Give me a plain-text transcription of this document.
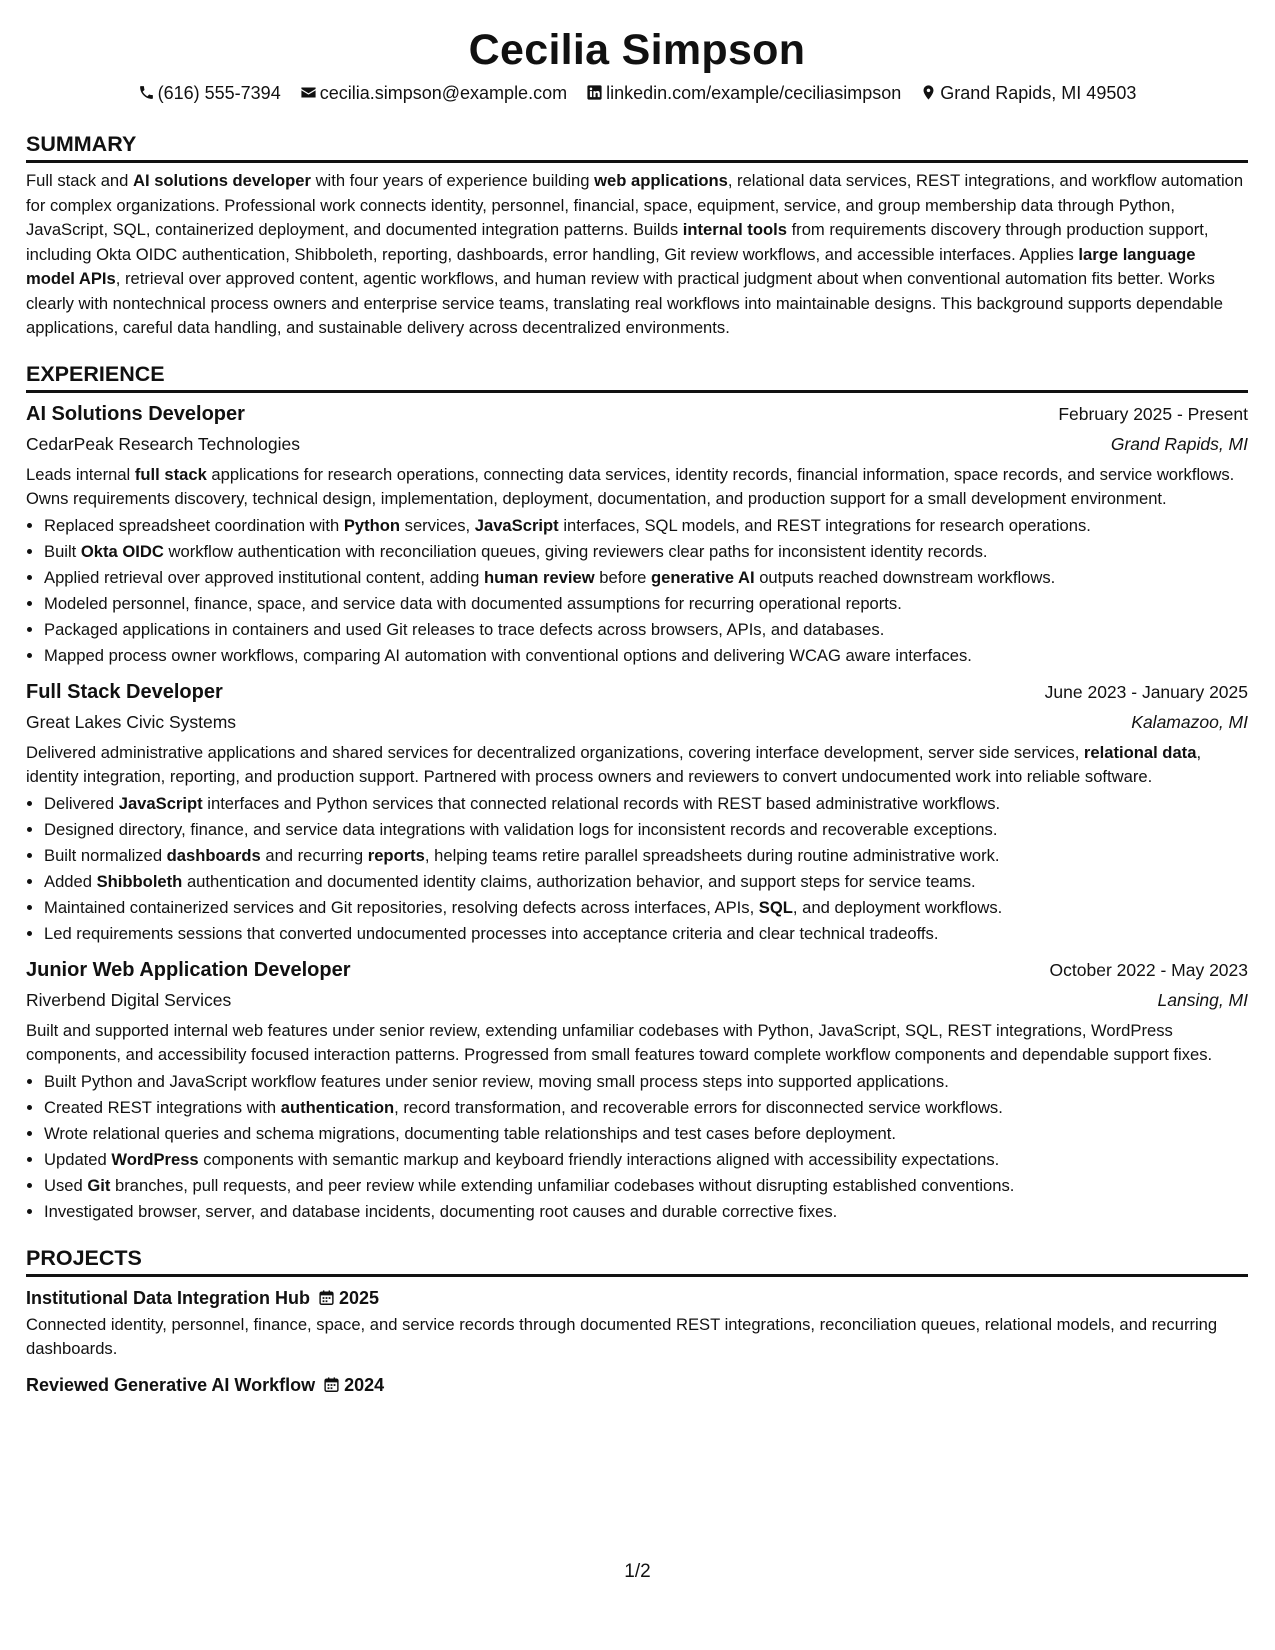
Cecilia Simpson
(616) 555-7394 cecilia.simpson@example.com linkedin.com/example/ceciliasimpson Grand Rapids, MI 49503
SUMMARY
Full stack and AI solutions developer with four years of experience building web applications, relational data services, REST integrations, and workflow automation for complex organizations. Professional work connects identity, personnel, financial, space, equipment, service, and group membership data through Python, JavaScript, SQL, containerized deployment, and documented integration patterns. Builds internal tools from requirements discovery through production support, including Okta OIDC authentication, Shibboleth, reporting, dashboards, error handling, Git review workflows, and accessible interfaces. Applies large language model APIs, retrieval over approved content, agentic workflows, and human review with practical judgment about when conventional automation fits better. Works clearly with nontechnical process owners and enterprise service teams, translating real workflows into maintainable designs. This background supports dependable applications, careful data handling, and sustainable delivery across decentralized environments.
EXPERIENCE
AI Solutions Developer	February 2025 - Present
CedarPeak Research Technologies	Grand Rapids, MI
Leads internal full stack applications for research operations, connecting data services, identity records, financial information, space records, and service workflows. Owns requirements discovery, technical design, implementation, deployment, documentation, and production support for a small development environment.
• Replaced spreadsheet coordination with Python services, JavaScript interfaces, SQL models, and REST integrations for research operations.
• Built Okta OIDC workflow authentication with reconciliation queues, giving reviewers clear paths for inconsistent identity records.
• Applied retrieval over approved institutional content, adding human review before generative AI outputs reached downstream workflows.
• Modeled personnel, finance, space, and service data with documented assumptions for recurring operational reports.
• Packaged applications in containers and used Git releases to trace defects across browsers, APIs, and databases.
• Mapped process owner workflows, comparing AI automation with conventional options and delivering WCAG aware interfaces.
Full Stack Developer	June 2023 - January 2025
Great Lakes Civic Systems	Kalamazoo, MI
Delivered administrative applications and shared services for decentralized organizations, covering interface development, server side services, relational data, identity integration, reporting, and production support. Partnered with process owners and reviewers to convert undocumented work into reliable software.
• Delivered JavaScript interfaces and Python services that connected relational records with REST based administrative workflows.
• Designed directory, finance, and service data integrations with validation logs for inconsistent records and recoverable exceptions.
• Built normalized dashboards and recurring reports, helping teams retire parallel spreadsheets during routine administrative work.
• Added Shibboleth authentication and documented identity claims, authorization behavior, and support steps for service teams.
• Maintained containerized services and Git repositories, resolving defects across interfaces, APIs, SQL, and deployment workflows.
• Led requirements sessions that converted undocumented processes into acceptance criteria and clear technical tradeoffs.
Junior Web Application Developer	October 2022 - May 2023
Riverbend Digital Services	Lansing, MI
Built and supported internal web features under senior review, extending unfamiliar codebases with Python, JavaScript, SQL, REST integrations, WordPress components, and accessibility focused interaction patterns. Progressed from small features toward complete workflow components and dependable support fixes.
• Built Python and JavaScript workflow features under senior review, moving small process steps into supported applications.
• Created REST integrations with authentication, record transformation, and recoverable errors for disconnected service workflows.
• Wrote relational queries and schema migrations, documenting table relationships and test cases before deployment.
• Updated WordPress components with semantic markup and keyboard friendly interactions aligned with accessibility expectations.
• Used Git branches, pull requests, and peer review while extending unfamiliar codebases without disrupting established conventions.
• Investigated browser, server, and database incidents, documenting root causes and durable corrective fixes.
PROJECTS
Institutional Data Integration Hub 2025
Connected identity, personnel, finance, space, and service records through documented REST integrations, reconciliation queues, relational models, and recurring dashboards.
Reviewed Generative AI Workflow 2024
1/2
